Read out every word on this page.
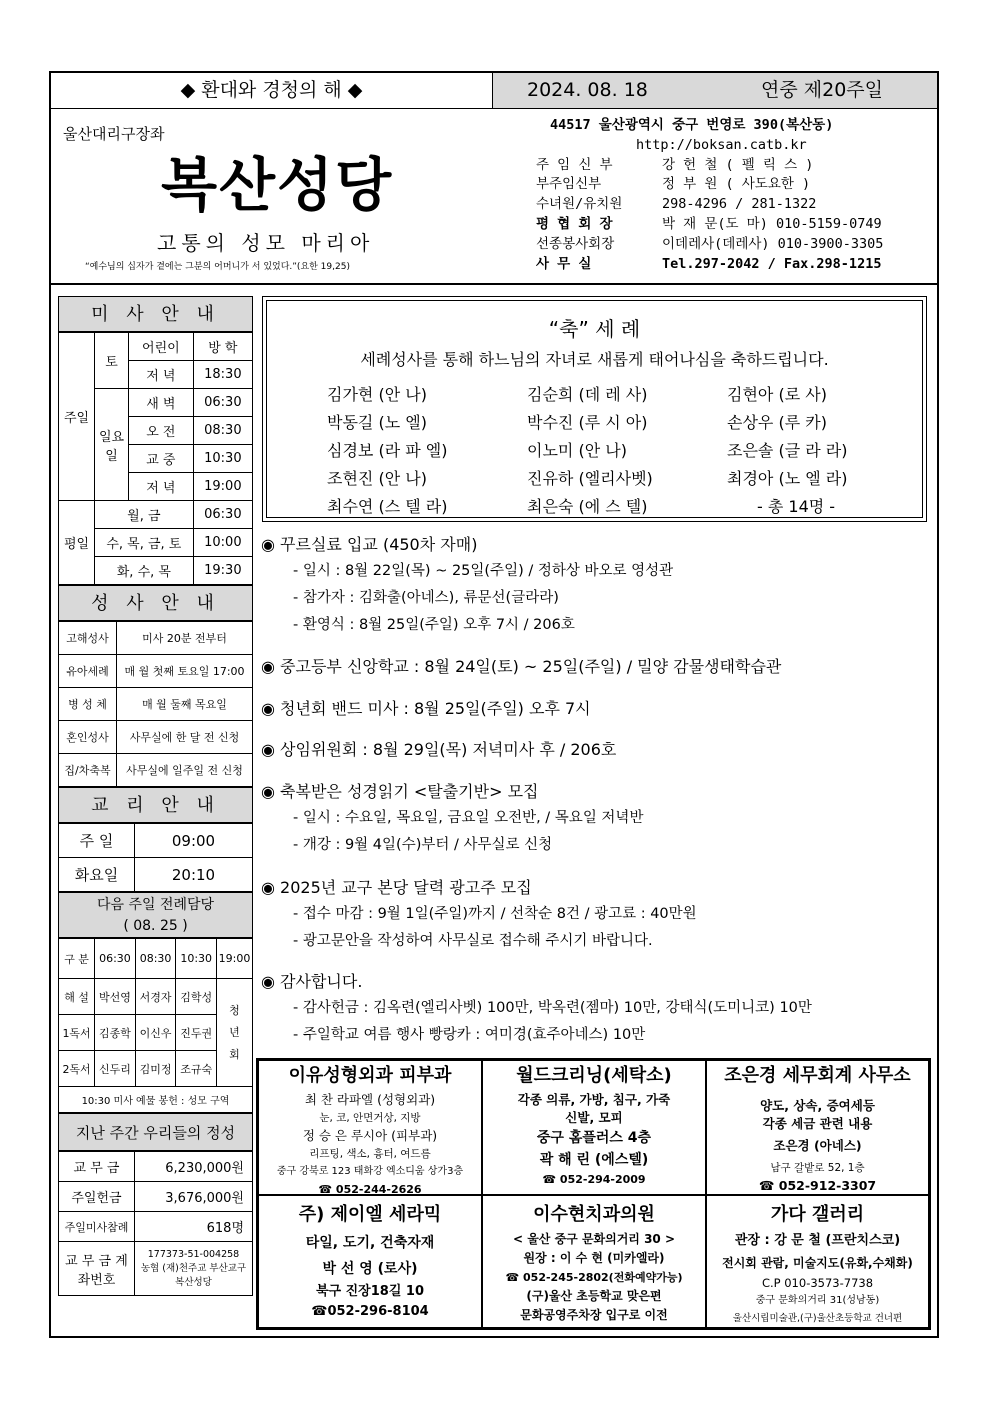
◆ 환대와 경청의 해 ◆	2024. 08. 18	연중 제20주일
울산대리구장좌
복산성당
고통의 성모 마리아
“예수님의 십자가 곁에는 그분의 어머니가 서 있었다.”(요한 19,25)
44517 울산광역시 중구 번영로 390(복산동)
http://boksan.catb.kr
주 임 신 부	강 헌 철 ( 펠 릭 스 )
부주임신부	정 부 원 ( 사도요한 )
수녀원/유치원	298-4296 / 281-1322
평 협 회 장	박 재 문(도 마) 010-5159-0749
선종봉사회장	이데레사(데레사) 010-3900-3305
사 무 실	Tel.297-2042 / Fax.298-1215
미 사 안 내
주일	토	어린이	방 학
		저 녁	18:30
	일요일	새 벽	06:30
		오 전	08:30
		교 중	10:30
		저 녁	19:00
평일	월, 금		06:30
	수, 목, 금, 토		10:00
	화, 수, 목		19:30
성 사 안 내
고해성사	미사 20분 전부터
유아세례	매 월 첫째 토요일 17:00
병 성 체	매 월 둘째 목요일
혼인성사	사무실에 한 달 전 신청
집/차축복	사무실에 일주일 전 신청
교 리 안 내
주 일	09:00
화요일	20:10
다음 주일 전례담당
( 08. 25 )
구 분	06:30	08:30	10:30	19:00
해 설	박선영	서경자	김학성	청년회
1독서	김종학	이신우	진두권	
2독서	신두리	김미정	조규숙	
10:30 미사 예물 봉헌 : 성모 구역				
지난 주간 우리들의 정성
교 무 금	6,230,000원
주일헌금	3,676,000원
주일미사참례	618명
교 무 금 계좌번호	177373-51-004258
농협 (재)천주교 부산교구
복산성당
“축” 세 례
세례성사를 통해 하느님의 자녀로 새롭게 태어나심을 축하드립니다.
김가현 (안 나)	김순희 (데 레 사)	김현아 (로 사)
박동길 (노 엘)	박수진 (루 시 아)	손상우 (루 카)
심경보 (라 파 엘)	이노미 (안 나)	조은솔 (글 라 라)
조현진 (안 나)	진유하 (엘리사벳)	최경아 (노 엘 라)
최수연 (스 텔 라)	최은숙 (에 스 텔)	- 총 14명 -
◉ 꾸르실료 입교 (450차 자매)
- 일시 : 8월 22일(목) ~ 25일(주일) / 정하상 바오로 영성관
- 참가자 : 김화출(아네스), 류문선(글라라)
- 환영식 : 8월 25일(주일) 오후 7시 / 206호
◉ 중고등부 신앙학교 : 8월 24일(토) ~ 25일(주일) / 밀양 감물생태학습관
◉ 청년회 밴드 미사 : 8월 25일(주일) 오후 7시
◉ 상임위원회 : 8월 29일(목) 저녁미사 후 / 206호
◉ 축복받은 성경읽기 <탈출기반> 모집
- 일시 : 수요일, 목요일, 금요일 오전반, / 목요일 저녁반
- 개강 : 9월 4일(수)부터 / 사무실로 신청
◉ 2025년 교구 본당 달력 광고주 모집
- 접수 마감 : 9월 1일(주일)까지 / 선착순 8건 / 광고료 : 40만원
- 광고문안을 작성하여 사무실로 접수해 주시기 바랍니다.
◉ 감사합니다.
- 감사헌금 : 김옥련(엘리사벳) 100만, 박옥련(젬마) 10만, 강태식(도미니코) 10만
- 주일학교 여름 행사 빵랑카 : 여미경(효주아네스) 10만
이유성형외과 피부과
최 찬 라파엘 (성형외과)
눈, 코, 안면거상, 지방
정 승 은 루시아 (피부과)
리프팅, 색소, 흉터, 여드름
중구 강북로 123 태화강 엑소디움 상가3층
☎ 052-244-2626
월드크리닝(세탁소)
각종 의류, 가방, 침구, 가죽
신발, 모피
중구 홈플러스 4층
곽 해 린 (에스텔)
☎ 052-294-2009
조은경 세무회계 사무소
양도, 상속, 증여세등
각종 세금 관련 내용
조은경 (아네스)
남구 갈밭로 52, 1층
☎ 052-912-3307
주) 제이엘 세라믹
타일, 도기, 건축자재
박 선 영 (로사)
북구 진장18길 10
☎052-296-8104
이수현치과의원
< 울산 중구 문화의거리 30 >
원장 : 이 수 현 (미카엘라)
☎ 052-245-2802(전화예약가능)
(구)울산 초등학교 맞은편
문화공영주차장 입구로 이전
가다 갤러리
관장 : 강 문 철 (프란치스코)
전시회 관람, 미술지도(유화,수채화)
C.P 010-3573-7738
중구 문화의거리 31(성남동)
울산시립미술관,(구)울산초등학교 건너편
